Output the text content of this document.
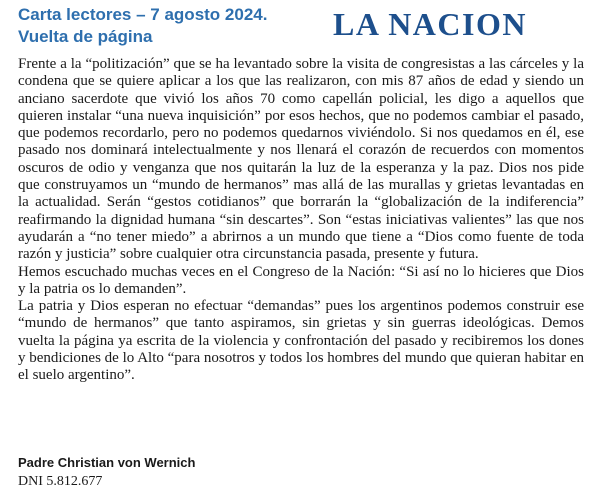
Carta lectores – 7 agosto 2024.
Vuelta de página	LA NACION

Frente a la “politización” que se ha levantado sobre la visita de congresistas a las cárceles y la condena que se quiere aplicar a los que las realizaron, con mis 87 años de edad y siendo un anciano sacerdote que vivió los años 70 como capellán policial, les digo a aquellos que quieren instalar “una nueva inquisición” por esos hechos, que no podemos cambiar el pasado, que podemos recordarlo, pero no podemos quedarnos viviéndolo. Si nos quedamos en él, ese pasado nos dominará intelectualmente y nos llenará el corazón de recuerdos con momentos oscuros de odio y venganza que nos quitarán la luz de la esperanza y la paz. Dios nos pide que construyamos un “mundo de hermanos” mas allá de las murallas y grietas levantadas en la actualidad. Serán “gestos cotidianos” que borrarán la “globalización de la indiferencia” reafirmando la dignidad humana “sin descartes”. Son “estas iniciativas valientes” las que nos ayudarán a “no tener miedo” a abrirnos a un mundo que tiene a “Dios como fuente de toda razón y justicia” sobre cualquier otra circunstancia pasada, presente y futura.

Hemos escuchado muchas veces en el Congreso de la Nación: “Si así no lo hicieres que Dios y la patria os lo demanden”.

La patria y Dios esperan no efectuar “demandas” pues los argentinos podemos construir ese “mundo de hermanos” que tanto aspiramos, sin grietas y sin guerras ideológicas. Demos vuelta la página ya escrita de la violencia y confrontación del pasado y recibiremos los dones y bendiciones de lo Alto “para nosotros y todos los hombres del mundo que quieran habitar en el suelo argentino”.

Padre Christian von Wernich
DNI 5.812.677
